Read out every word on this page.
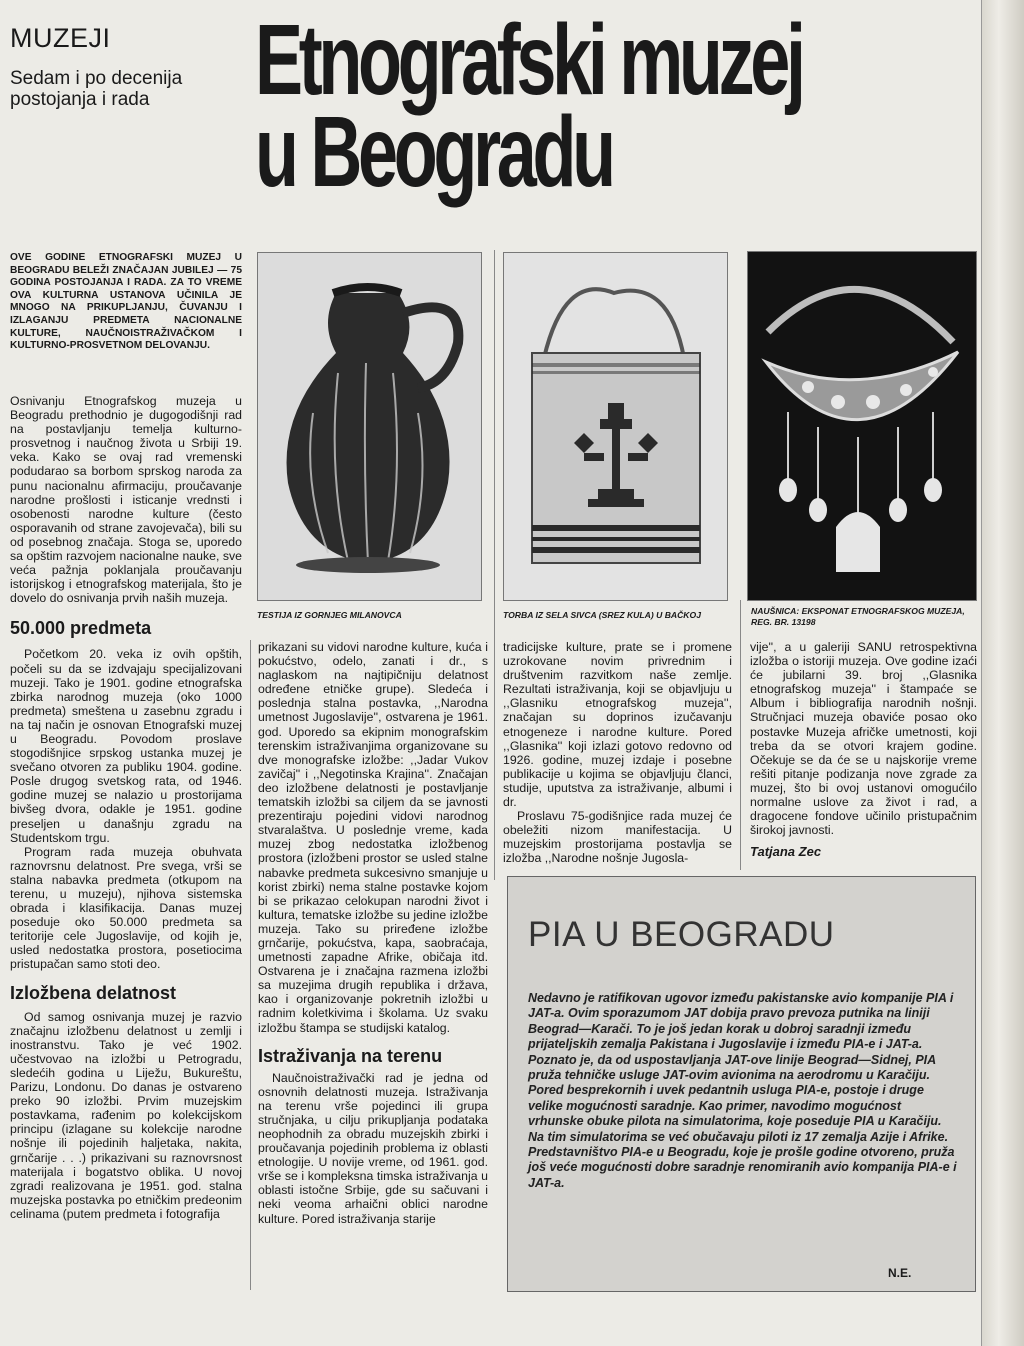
MUZEJI
Sedam i po decenija postojanja i rada	Etnografski muzej
u Beogradu
OVE GODINE ETNOGRAFSKI MUZEJ U BEOGRADU BELEŽI ZNAČAJAN JUBILEJ — 75 GODINA POSTOJANJA I RADA. ZA TO VREME OVA KULTURNA USTANOVA UČINILA JE MNOGO NA PRIKUPLJANJU, ČUVANJU I IZLAGANJU PREDMETA NACIONALNE KULTURE, NAUČNOISTRAŽIVAČKOM I KULTURNO-PROSVETNOM DELOVANJU.

Osnivanju Etnografskog muzeja u Beogradu prethodnio je dugogodišnji rad na postavljanju temelja kulturno-prosvetnog i naučnog života u Srbiji 19. veka. Kako se ovaj rad vremenski podudarao sa borbom sprskog naroda za punu nacionalnu afirmaciju, proučavanje narodne prošlosti i isticanje vrednsti i osobenosti narodne kulture (često osporavanih od strane zavojevača), bili su od posebnog značaja. Stoga se, uporedo sa opštim razvojem nacionalne nauke, sve veća pažnja poklanjala proučavanju istorijskog i etnografskog materijala, što je dovelo do osnivanja prvih naših muzeja.

50.000 predmeta

Početkom 20. veka iz ovih opštih, počeli su da se izdvajaju specijalizovani muzeji. Tako je 1901. godine etnografska zbirka narodnog muzeja (oko 1000 predmeta) smeštena u zasebnu zgradu i na taj način je osnovan Etnografski muzej u Beogradu. Povodom proslave stogodišnjice srpskog ustanka muzej je svečano otvoren za publiku 1904. godine. Posle drugog svetskog rata, od 1946. godine muzej se nalazio u prostorijama bivšeg dvora, odakle je 1951. godine preseljen u današnju zgradu na Studentskom trgu.

Program rada muzeja obuhvata raznovrsnu delatnost. Pre svega, vrši se stalna nabavka predmeta (otkupom na terenu, u muzeju), njihova sistemska obrada i klasifikacija. Danas muzej poseduje oko 50.000 predmeta sa teritorije cele Jugoslavije, od kojih je, usled nedostatka prostora, posetiocima pristupačan samo stoti deo.

Izložbena delatnost

Od samog osnivanja muzej je razvio značajnu izložbenu delatnost u zemlji i inostranstvu. Tako je već 1902. učestvovao na izložbi u Petrogradu, sledećih godina u Liježu, Bukureštu, Parizu, Londonu. Do danas je ostvareno preko 90 izložbi. Prvim muzejskim postavkama, rađenim po kolekcijskom principu (izlagane su kolekcije narodne nošnje ili pojedinih haljetaka, nakita, grnčarije . . .) prikazivani su raznovrsnost materijala i bogatstvo oblika. U novoj zgradi realizovana je 1951. god. stalna muzejska postavka po etničkim predeonim celinama (putem predmeta i fotografija

TESTIJA IZ GORNJEG MILANOVCA	TORBA IZ SELA SIVCA (SREZ KULA) U BAČKOJ	NAUŠNICA: EKSPONAT ETNOGRAFSKOG MUZEJA, REG. BR. 13198

prikazani su vidovi narodne kulture, kuća i pokućstvo, odelo, zanati i dr., s naglaskom na najtipičniju delatnost određene etničke grupe). Sledeća i poslednja stalna postavka, ,,Narodna umetnost Jugoslavije'', ostvarena je 1961. god. Uporedo sa ekipnim monografskim terenskim istraživanjima organizovane su dve monografske izložbe: ,,Jadar Vukov zavičaj'' i ,,Negotinska Krajina''. Značajan deo izložbene delatnosti je postavljanje tematskih izložbi sa ciljem da se javnosti prezentiraju pojedini vidovi narodnog stvaralaštva. U poslednje vreme, kada muzej zbog nedostatka izložbenog prostora (izložbeni prostor se usled stalne nabavke predmeta sukcesivno smanjuje u korist zbirki) nema stalne postavke kojom bi se prikazao celokupan narodni život i kultura, tematske izložbe su jedine izložbe muzeja. Tako su priređene izložbe grnčarije, pokućstva, kapa, saobraćaja, umetnosti zapadne Afrike, običaja itd. Ostvarena je i značajna razmena izložbi sa muzejima drugih republika i država, kao i organizovanje pokretnih izložbi u radnim koletkivima i školama. Uz svaku izložbu štampa se studijski katalog.

Istraživanja na terenu

Naučnoistraživački rad je jedna od osnovnih delatnosti muzeja. Istraživanja na terenu vrše pojedinci ili grupa stručnjaka, u cilju prikupljanja podataka neophodnih za obradu muzejskih zbirki i proučavanja pojedinih problema iz oblasti etnologije. U novije vreme, od 1961. god. vrše se i kompleksna timska istraživanja u oblasti istočne Srbije, gde su sačuvani i neki veoma arhaični oblici narodne kulture. Pored istraživanja starije

tradicijske kulture, prate se i promene uzrokovane novim privrednim i društvenim razvitkom naše zemlje. Rezultati istraživanja, koji se objavljuju u ,,Glasniku etnografskog muzeja'', značajan su doprinos izučavanju etnogeneze i narodne kulture. Pored ,,Glasnika'' koji izlazi gotovo redovno od 1926. godine, muzej izdaje i posebne publikacije u kojima se objavljuju članci, studije, uputstva za istraživanje, albumi i dr.

Proslavu 75-godišnjice rada muzej će obeležiti nizom manifestacija. U muzejskim prostorijama postavlja se izložba ,,Narodne nošnje Jugosla-

vije'', a u galeriji SANU retrospektivna izložba o istoriji muzeja. Ove godine izaći će jubilarni 39. broj ,,Glasnika etnografskog muzeja'' i štampaće se Album i bibliografija narodnih nošnji. Stručnjaci muzeja obaviće posao oko postavke Muzeja afričke umetnosti, koji treba da se otvori krajem godine. Očekuje se da će se u najskorije vreme rešiti pitanje podizanja nove zgrade za muzej, što bi ovoj ustanovi omogućilo normalne uslove za život i rad, a dragocene fondove učinilo pristupačnim širokoj javnosti.

Tatjana Zec

PIA U BEOGRADU

Nedavno je ratifikovan ugovor između pakistanske avio kompanije PIA i JAT-a. Ovim sporazumom JAT dobija pravo prevoza putnika na liniji Beograd—Karači. To je još jedan korak u dobroj saradnji između prijateljskih zemalja Pakistana i Jugoslavije i između PIA-e i JAT-a.

Poznato je, da od uspostavljanja JAT-ove linije Beograd—Sidnej, PIA pruža tehničke usluge JAT-ovim avionima na aerodromu u Karačiju.

Pored besprekornih i uvek pedantnih usluga PIA-e, postoje i druge velike mogućnosti saradnje. Kao primer, navodimo mogućnost vrhunske obuke pilota na simulatorima, koje poseduje PIA u Karačiju. Na tim simulatorima se već obučavaju piloti iz 17 zemalja Azije i Afrike.

Predstavništvo PIA-e u Beogradu, koje je prošle godine otvoreno, pruža još veće mogućnosti dobre saradnje renomiranih avio kompanija PIA-e i JAT-a.

N.E.
